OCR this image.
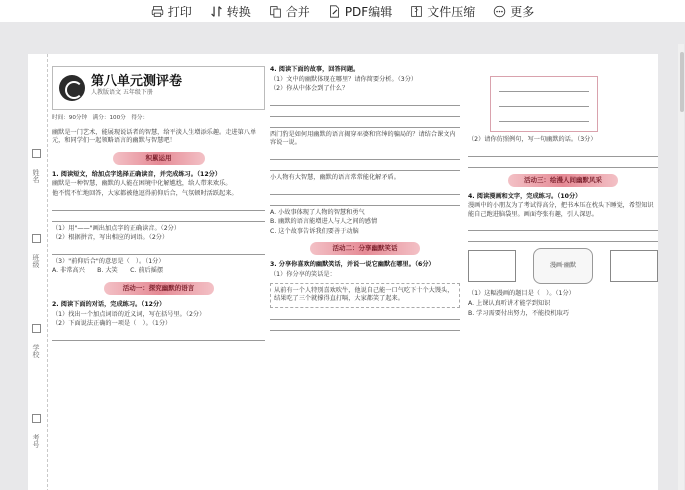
打印	转换	合并	PDF编辑	文件压缩	更多
姓名
班级
学校
考号
第八单元测评卷
人教版语文 五年级下册
时间：90分钟　满分：100分　得分：

幽默是一门艺术，能展现说话者的智慧，给平淡人生增添乐趣。走进第八单元，和同学们一起领略语言的幽默与智慧吧！

积累运用

1. 阅读短文，给加点字选择正确读音，并完成练习。（12分）

幽默是一种智慧，幽默的人能在困境中化解尴尬，给人带来欢乐。

他不慌不忙地回答，大家都被他逗得前仰后合，气氛顿时活跃起来。

（1）用"——"画出加点字的正确读音。（2分）

（2）根据拼音，写出相应的词语。（2分）

（3）"前仰后合"的意思是（　）。（1分）

A. 非常高兴　　B. 大笑　　C. 前后摇摆

活动一：探究幽默的语言

2. 阅读下面的对话，完成练习。（12分）

（1）找出一个加点词语的近义词，写在括号里。（2分）

（2）下面说法正确的一项是（　）。（1分）

4. 阅读下面的故事，回答问题。

（1）文中的幽默体现在哪里？请你简要分析。（3分）

（2）你从中体会到了什么？

西门豹是如何用幽默的语言揭穿巫婆和官绅的骗局的？请结合课文内容说一说。

小人物有大智慧，幽默的语言常常能化解矛盾。

A. 小故事体现了人物的智慧和勇气

B. 幽默的语言能增进人与人之间的感情

C. 这个故事告诉我们要善于动脑

活动二：分享幽默笑话

3. 分享你喜欢的幽默笑话，并说一说它幽默在哪里。（6分）

（1）你分享的笑话是：

从前有一个人特别喜欢吹牛，他说自己能一口气吃下十个大馒头，结果吃了三个就撑得直打嗝，大家都笑了起来。

（2）请你仿照例句，写一句幽默的话。（3分）

活动三：绘漫人间幽默风采

4. 阅读漫画和文字，完成练习。（10分）

漫画中的小朋友为了考试得高分，把书本压在枕头下睡觉，希望知识能自己跑进脑袋里。画面夸张有趣，引人深思。

漫画·幽默

（1）这幅漫画的题目是（　）。（1分）

A. 上课认真听讲才能学到知识

B. 学习需要付出努力，不能投机取巧
